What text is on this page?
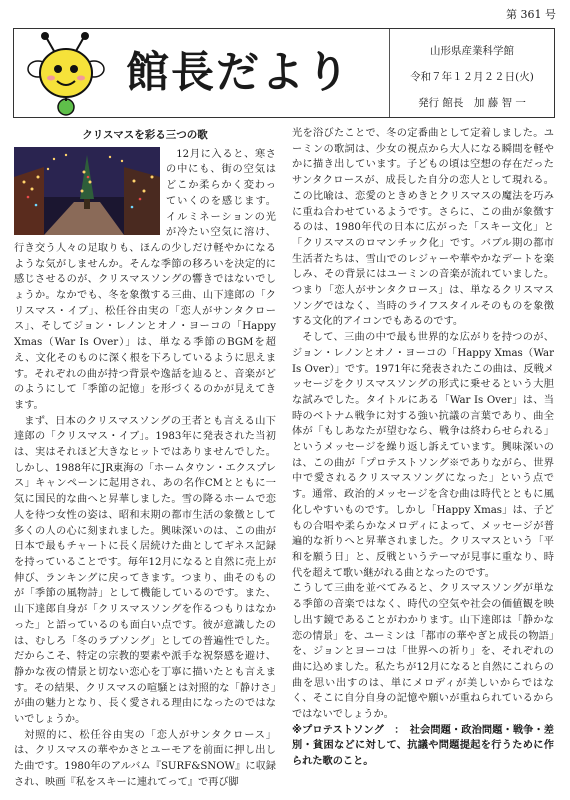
第 361 号
館長だより	山形県産業科学館
令和７年１２月２２日(火)
発行 館長　加 藤 智 一
クリスマスを彩る三つの歌

12月に入ると、寒さの中にも、街の空気はどこか柔らかく変わっていくのを感じます。イルミネーションの光が冷たい空気に溶け、行き交う人々の足取りも、ほんの少しだけ軽やかになるような気がしませんか。そんな季節の移ろいを決定的に感じさせるのが、クリスマスソングの響きではないでしょうか。なかでも、冬を象徴する三曲、山下達郎の「クリスマス・イブ」、松任谷由実の「恋人がサンタクロース」、そしてジョン・レノンとオノ・ヨーコの「Happy Xmas（War Is Over）」は、単なる季節のBGMを超え、文化そのものに深く根を下ろしているように思えます。それぞれの曲が持つ背景や逸話を辿ると、音楽がどのようにして「季節の記憶」を形づくるのかが見えてきます。

まず、日本のクリスマスソングの王者とも言える山下達郎の「クリスマス・イブ」。1983年に発表された当初は、実はそれほど大きなヒットではありませんでした。しかし、1988年にJR東海の「ホームタウン・エクスプレス」キャンペーンに起用され、あの名作CMとともに一気に国民的な曲へと昇華しました。雪の降るホームで恋人を待つ女性の姿は、昭和末期の都市生活の象徴として多くの人の心に刻まれました。興味深いのは、この曲が日本で最もチャートに長く居続けた曲としてギネス記録を持っていることです。毎年12月になると自然に売上が伸び、ランキングに戻ってきます。つまり、曲そのものが「季節の風物詩」として機能しているのです。また、山下達郎自身が「クリスマスソングを作るつもりはなかった」と語っているのも面白い点です。彼が意識したのは、むしろ「冬のラブソング」としての普遍性でした。だからこそ、特定の宗教的要素や派手な祝祭感を避け、静かな夜の情景と切ない恋心を丁寧に描いたとも言えます。その結果、クリスマスの喧騒とは対照的な「静けさ」が曲の魅力となり、長く愛される理由になったのではないでしょうか。

対照的に、松任谷由実の「恋人がサンタクロース」は、クリスマスの華やかさとユーモアを前面に押し出した曲です。1980年のアルバム『SURF&SNOW』に収録され、映画『私をスキーに連れてって』で再び脚

光を浴びたことで、冬の定番曲として定着しました。ユーミンの歌詞は、少女の視点から大人になる瞬間を軽やかに描き出しています。子どもの頃は空想の存在だったサンタクロースが、成長した自分の恋人として現れる。この比喩は、恋愛のときめきとクリスマスの魔法を巧みに重ね合わせているようです。さらに、この曲が象徴するのは、1980年代の日本に広がった「スキー文化」と「クリスマスのロマンチック化」です。バブル期の都市生活者たちは、雪山でのレジャーや華やかなデートを楽しみ、その背景にはユーミンの音楽が流れていました。つまり「恋人がサンタクロース」は、単なるクリスマスソングではなく、当時のライフスタイルそのものを象徴する文化的アイコンでもあるのです。

そして、三曲の中で最も世界的な広がりを持つのが、ジョン・レノンとオノ・ヨーコの「Happy Xmas（War Is Over）」です。1971年に発表されたこの曲は、反戦メッセージをクリスマスソングの形式に乗せるという大胆な試みでした。タイトルにある「War Is Over」は、当時のベトナム戦争に対する強い抗議の言葉であり、曲全体が「もしあなたが望むなら、戦争は終わらせられる」というメッセージを繰り返し訴えています。興味深いのは、この曲が「プロテストソング※でありながら、世界中で愛されるクリスマスソングになった」という点です。通常、政治的メッセージを含む曲は時代とともに風化しやすいものです。しかし「Happy Xmas」は、子どもの合唱や柔らかなメロディによって、メッセージが普遍的な祈りへと昇華されました。クリスマスという「平和を願う日」と、反戦というテーマが見事に重なり、時代を超えて歌い継がれる曲となったのです。

こうして三曲を並べてみると、クリスマスソングが単なる季節の音楽ではなく、時代の空気や社会の価値観を映し出す鏡であることがわかります。山下達郎は「静かな恋の情景」を、ユーミンは「都市の華やぎと成長の物語」を、ジョンとヨーコは「世界への祈り」を、それぞれの曲に込めました。私たちが12月になると自然にこれらの曲を思い出すのは、単にメロディが美しいからではなく、そこに自分自身の記憶や願いが重ねられているからではないでしょうか。

※プロテストソング　：　社会問題・政治問題・戦争・差別・貧困などに対して、抗議や問題提起を行うために作られた歌のこと。
